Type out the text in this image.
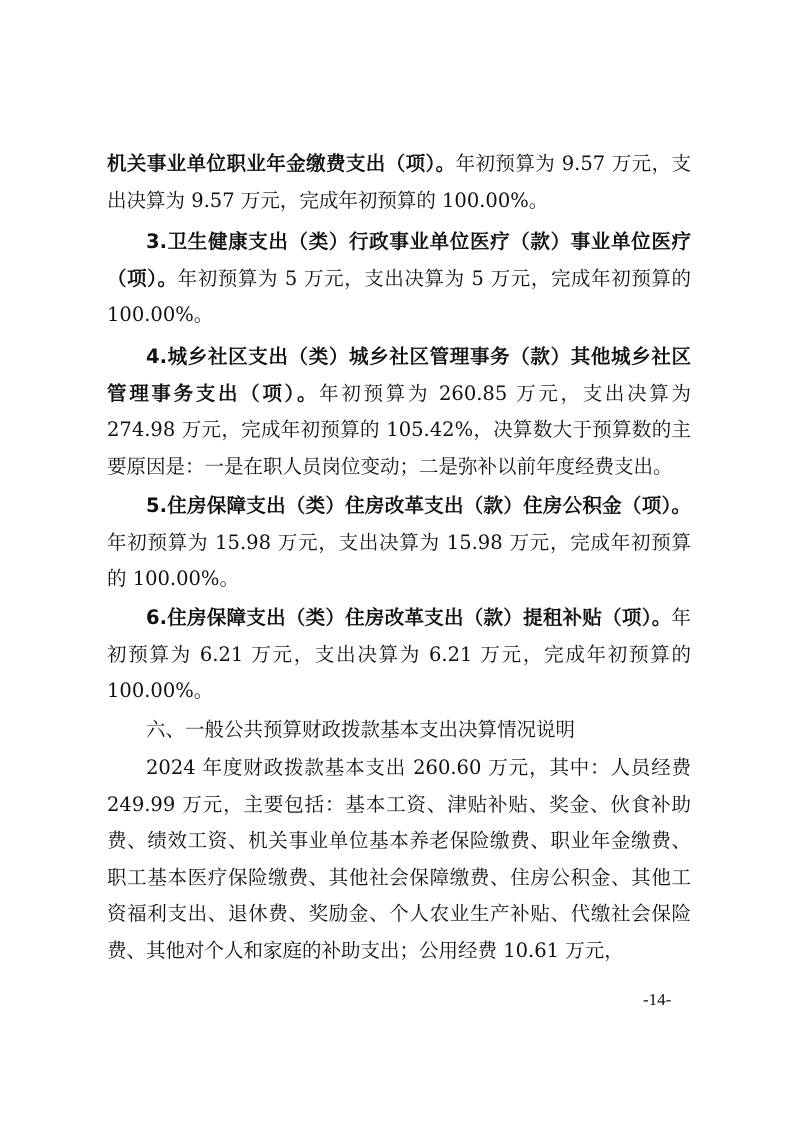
机关事业单位职业年金缴费支出（项）。年初预算为 9.57 万元，支出决算为 9.57 万元，完成年初预算的 100.00%。

3.卫生健康支出（类）行政事业单位医疗（款）事业单位医疗（项）。年初预算为 5 万元，支出决算为 5 万元，完成年初预算的 100.00%。

4.城乡社区支出（类）城乡社区管理事务（款）其他城乡社区管理事务支出（项）。年初预算为 260.85 万元，支出决算为 274.98 万元，完成年初预算的 105.42%，决算数大于预算数的主要原因是：一是在职人员岗位变动；二是弥补以前年度经费支出。

5.住房保障支出（类）住房改革支出（款）住房公积金（项）。年初预算为 15.98 万元，支出决算为 15.98 万元，完成年初预算的 100.00%。

6.住房保障支出（类）住房改革支出（款）提租补贴（项）。年初预算为 6.21 万元，支出决算为 6.21 万元，完成年初预算的 100.00%。

六、一般公共预算财政拨款基本支出决算情况说明

2024 年度财政拨款基本支出 260.60 万元，其中：人员经费 249.99 万元，主要包括：基本工资、津贴补贴、奖金、伙食补助费、绩效工资、机关事业单位基本养老保险缴费、职业年金缴费、职工基本医疗保险缴费、其他社会保障缴费、住房公积金、其他工资福利支出、退休费、奖励金、个人农业生产补贴、代缴社会保险费、其他对个人和家庭的补助支出；公用经费 10.61 万元，

-14-
